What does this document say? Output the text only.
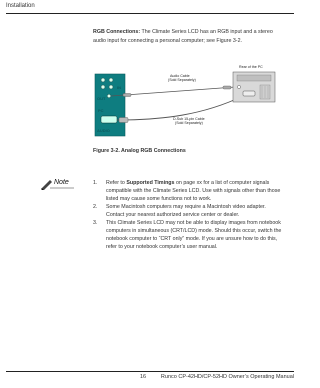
Installation
RGB Connections: The Climate Series LCD has an RGB input and a stereo audio input for connecting a personal computer; see Figure 3-2.
IN
OUT
PC
AUDIO
Audio Cable
(Sold Separately)
D-Sub 15-pin Cable
(Sold Separately)
Rear of the PC
Figure 3-2. Analog RGB Connections
Note	1. Refer to Supported Timings on page xx for a list of computer signals compatible with the Climate Series LCD. Use with signals other than those listed may cause some functions not to work.
2. Some Macintosh computers may require a Macintosh video adapter. Contact your nearest authorized service center or dealer.
3. This Climate Series LCD may not be able to display images from notebook computers in simultaneous (CRT/LCD) mode. Should this occur, switch the notebook computer to “CRT only” mode. If you are unsure how to do this, refer to your notebook computer’s user manual.
16	Runco CP-42HD/CP-52HD Owner’s Operating Manual
